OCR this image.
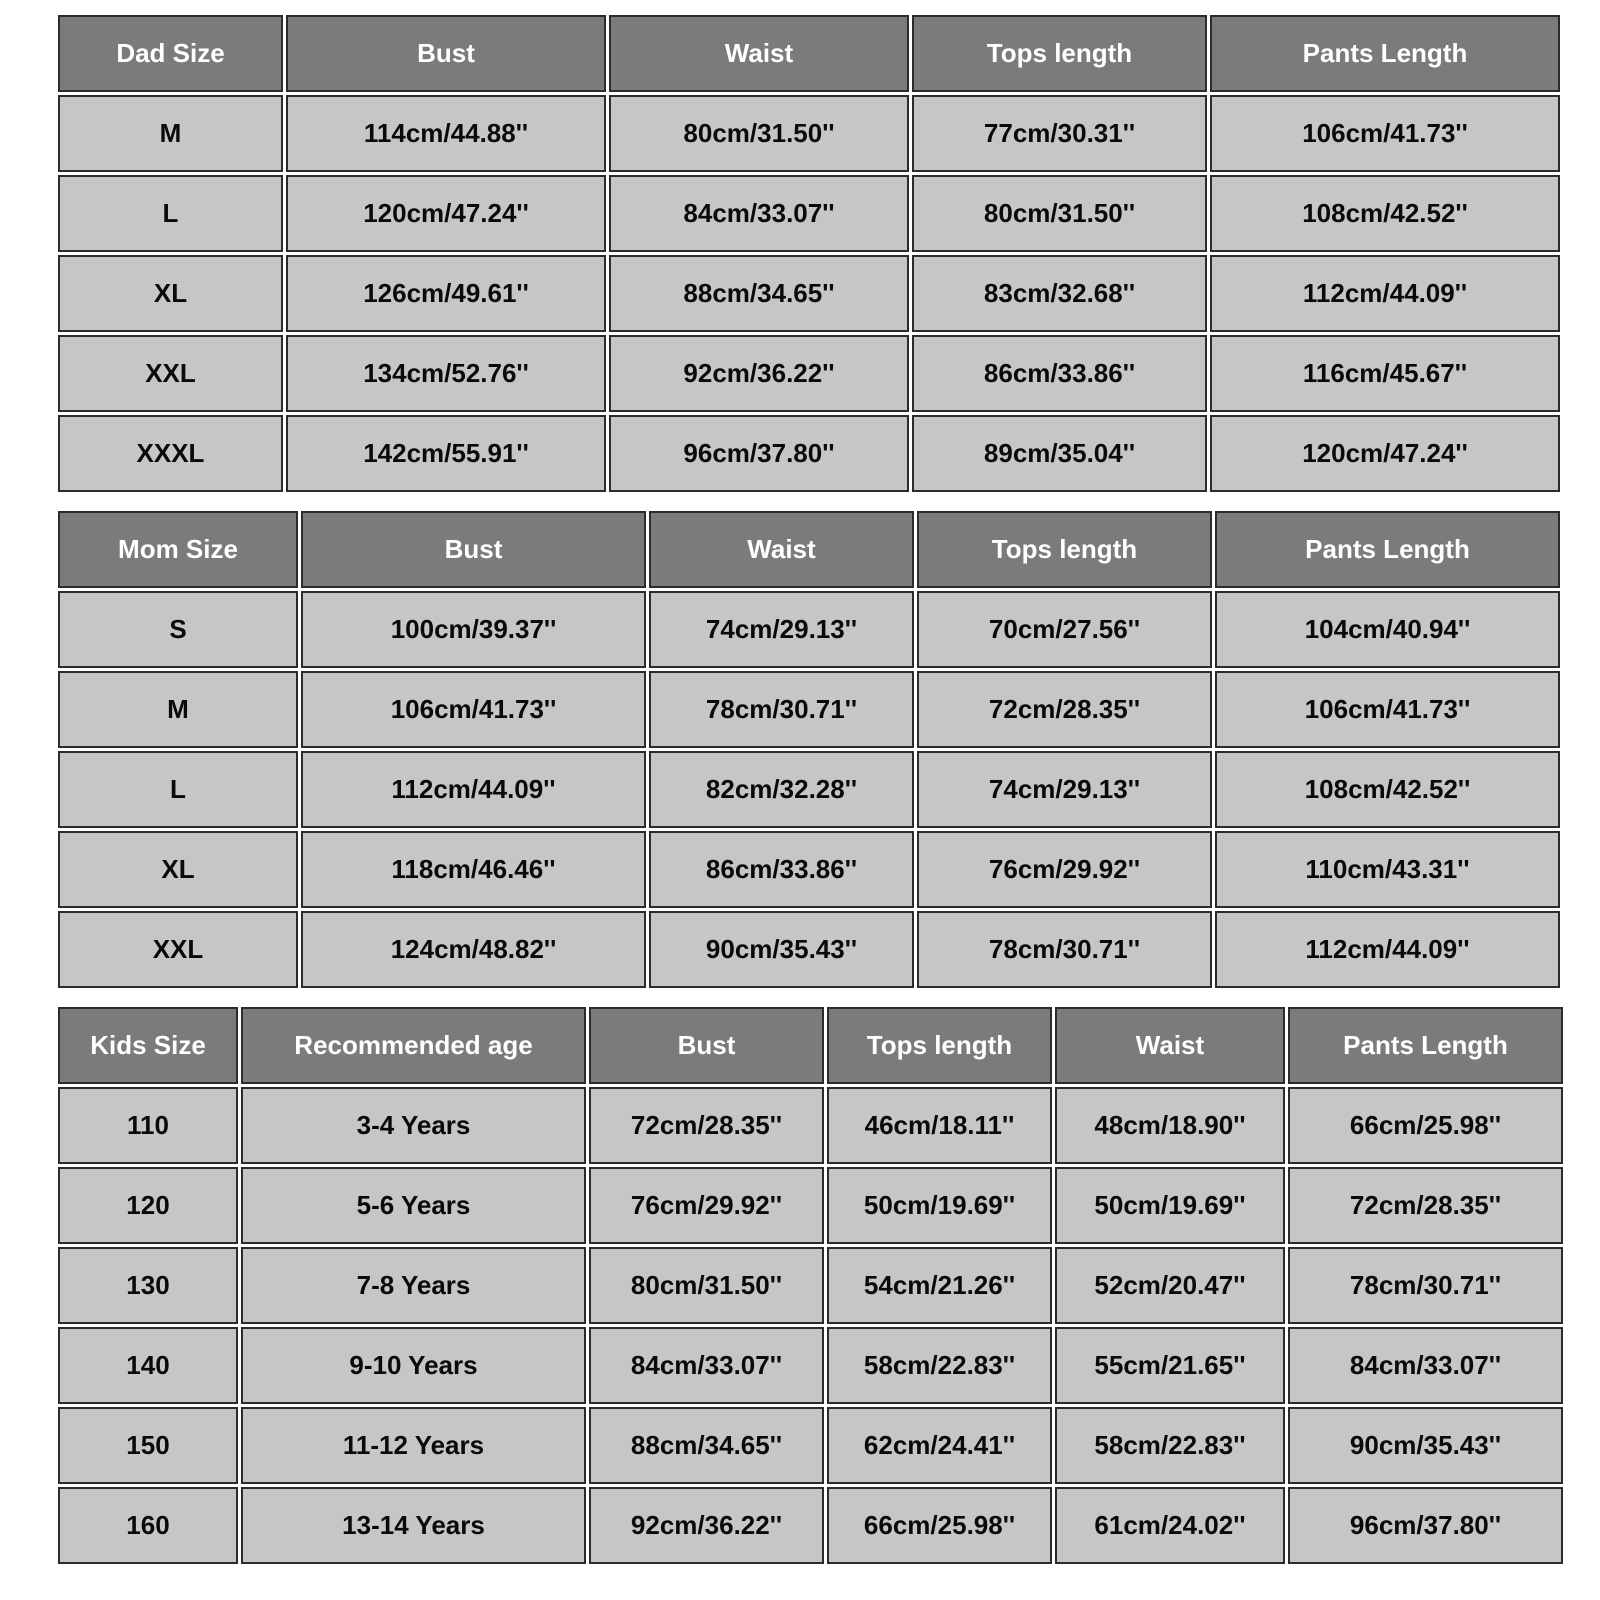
Dad Size	Bust	Waist	Tops length	Pants Length
M	114cm/44.88''	80cm/31.50''	77cm/30.31''	106cm/41.73''
L	120cm/47.24''	84cm/33.07''	80cm/31.50''	108cm/42.52''
XL	126cm/49.61''	88cm/34.65''	83cm/32.68''	112cm/44.09''
XXL	134cm/52.76''	92cm/36.22''	86cm/33.86''	116cm/45.67''
XXXL	142cm/55.91''	96cm/37.80''	89cm/35.04''	120cm/47.24''
Mom Size	Bust	Waist	Tops length	Pants Length
S	100cm/39.37''	74cm/29.13''	70cm/27.56''	104cm/40.94''
M	106cm/41.73''	78cm/30.71''	72cm/28.35''	106cm/41.73''
L	112cm/44.09''	82cm/32.28''	74cm/29.13''	108cm/42.52''
XL	118cm/46.46''	86cm/33.86''	76cm/29.92''	110cm/43.31''
XXL	124cm/48.82''	90cm/35.43''	78cm/30.71''	112cm/44.09''
Kids Size	Recommended age	Bust	Tops length	Waist	Pants Length
110	3-4 Years	72cm/28.35''	46cm/18.11''	48cm/18.90''	66cm/25.98''
120	5-6 Years	76cm/29.92''	50cm/19.69''	50cm/19.69''	72cm/28.35''
130	7-8 Years	80cm/31.50''	54cm/21.26''	52cm/20.47''	78cm/30.71''
140	9-10 Years	84cm/33.07''	58cm/22.83''	55cm/21.65''	84cm/33.07''
150	11-12 Years	88cm/34.65''	62cm/24.41''	58cm/22.83''	90cm/35.43''
160	13-14 Years	92cm/36.22''	66cm/25.98''	61cm/24.02''	96cm/37.80''
